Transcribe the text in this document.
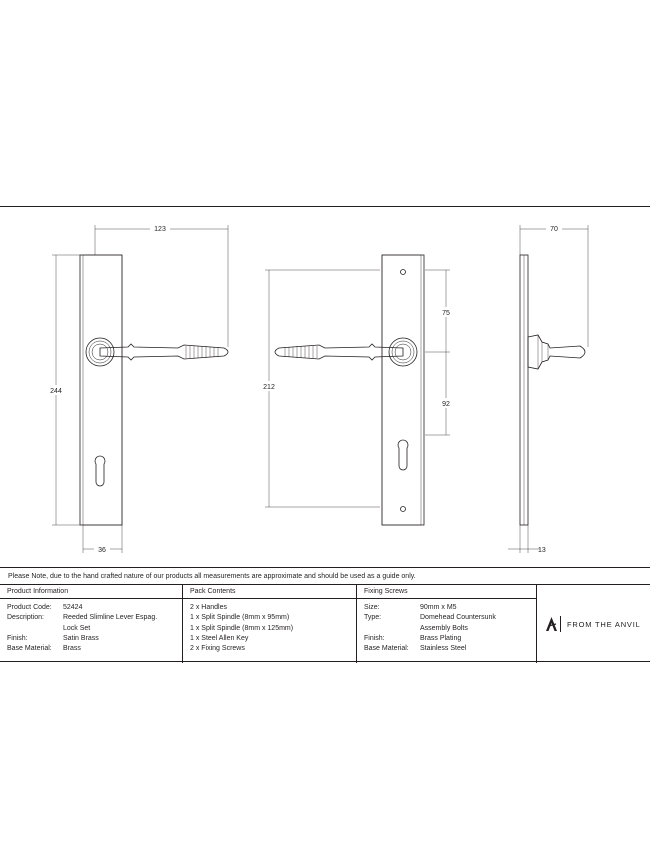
123
244
36
212
75
92
70
13
Please Note, due to the hand crafted nature of our products all measurements are approximate and should be used as a guide only.
Product Information
Product Code:	52424
Description:	Reeded Slimline Lever Espag.
Lock Set
Finish:	Satin Brass
Base Material:	Brass
Pack Contents
2 x Handles
1 x Split Spindle (8mm x 95mm)
1 x Split Spindle (8mm x 125mm)
1 x Steel Allen Key
2 x Fixing Screws
Fixing Screws
Size:	90mm x M5
Type:	Domehead Countersunk
Assembly Bolts
Finish:	Brass Plating
Base Material:	Stainless Steel
FROM THE ANVIL
